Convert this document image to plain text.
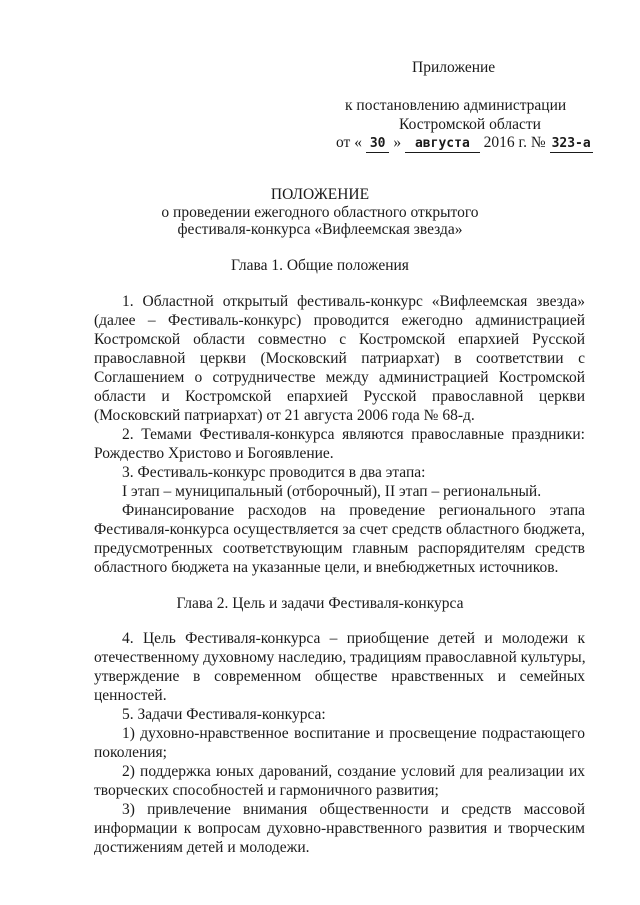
Приложение
к постановлению администрации
Костромской области
от « 30 » августа 2016 г. № 323-а
ПОЛОЖЕНИЕ
о проведении ежегодного областного открытого
фестиваля-конкурса «Вифлеемская звезда»
Глава 1. Общие положения
1. Областной открытый фестиваль-конкурс «Вифлеемская звезда»
(далее – Фестиваль-конкурс) проводится ежегодно администрацией
Костромской области совместно с Костромской епархией Русской
православной церкви (Московский патриархат) в соответствии с
Соглашением о сотрудничестве между администрацией Костромской
области и Костромской епархией Русской православной церкви
(Московский патриархат) от 21 августа 2006 года № 68-д.
2. Темами Фестиваля-конкурса являются православные праздники:
Рождество Христово и Богоявление.
3. Фестиваль-конкурс проводится в два этапа:
I этап – муниципальный (отборочный), II этап – региональный.
Финансирование расходов на проведение регионального этапа
Фестиваля-конкурса осуществляется за счет средств областного бюджета,
предусмотренных соответствующим главным распорядителям средств
областного бюджета на указанные цели, и внебюджетных источников.
Глава 2. Цель и задачи Фестиваля-конкурса
4. Цель Фестиваля-конкурса – приобщение детей и молодежи к
отечественному духовному наследию, традициям православной культуры,
утверждение в современном обществе нравственных и семейных
ценностей.
5. Задачи Фестиваля-конкурса:
1) духовно-нравственное воспитание и просвещение подрастающего
поколения;
2) поддержка юных дарований, создание условий для реализации их
творческих способностей и гармоничного развития;
3) привлечение внимания общественности и средств массовой
информации к вопросам духовно-нравственного развития и творческим
достижениям детей и молодежи.
